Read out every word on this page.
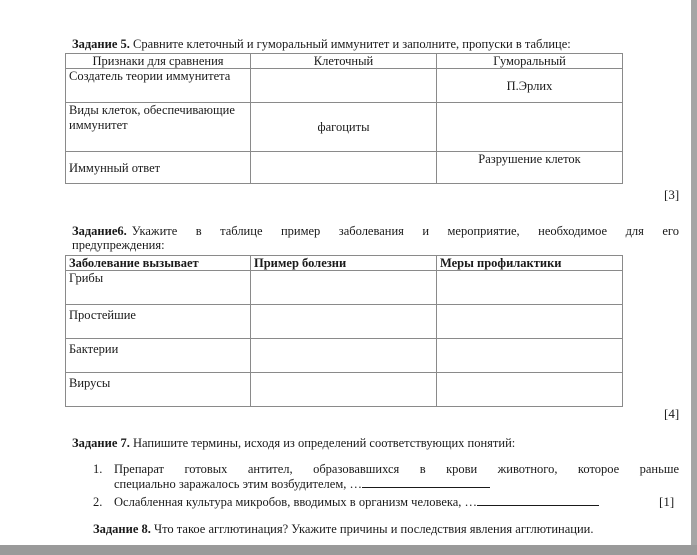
Задание 5. Сравните клеточный и гуморальный иммунитет и заполните, пропуски в таблице:
Признаки для сравнения	Клеточный	Гуморальный
Создатель теории иммунитета		П.Эрлих
Виды клеток, обеспечивающие иммунитет	фагоциты	
Иммунный ответ		Разрушение клеток
[3]
Задание6. Укажите в таблице пример заболевания и мероприятие, необходимое для его
предупреждения:
Заболевание вызывает	Пример болезни	Меры профилактики
Грибы		
Простейшие		
Бактерии		
Вирусы		
[4]
Задание 7. Напишите термины, исходя из определений соответствующих понятий:
1. Препарат готовых антител, образовавшихся в крови животного, которое раньше
специально заражалось этим возбудителем, …
2. Ослабленная культура микробов, вводимых в организм человека, …	[1]
Задание 8. Что такое агглютинация? Укажите причины и последствия явления агглютинации.
